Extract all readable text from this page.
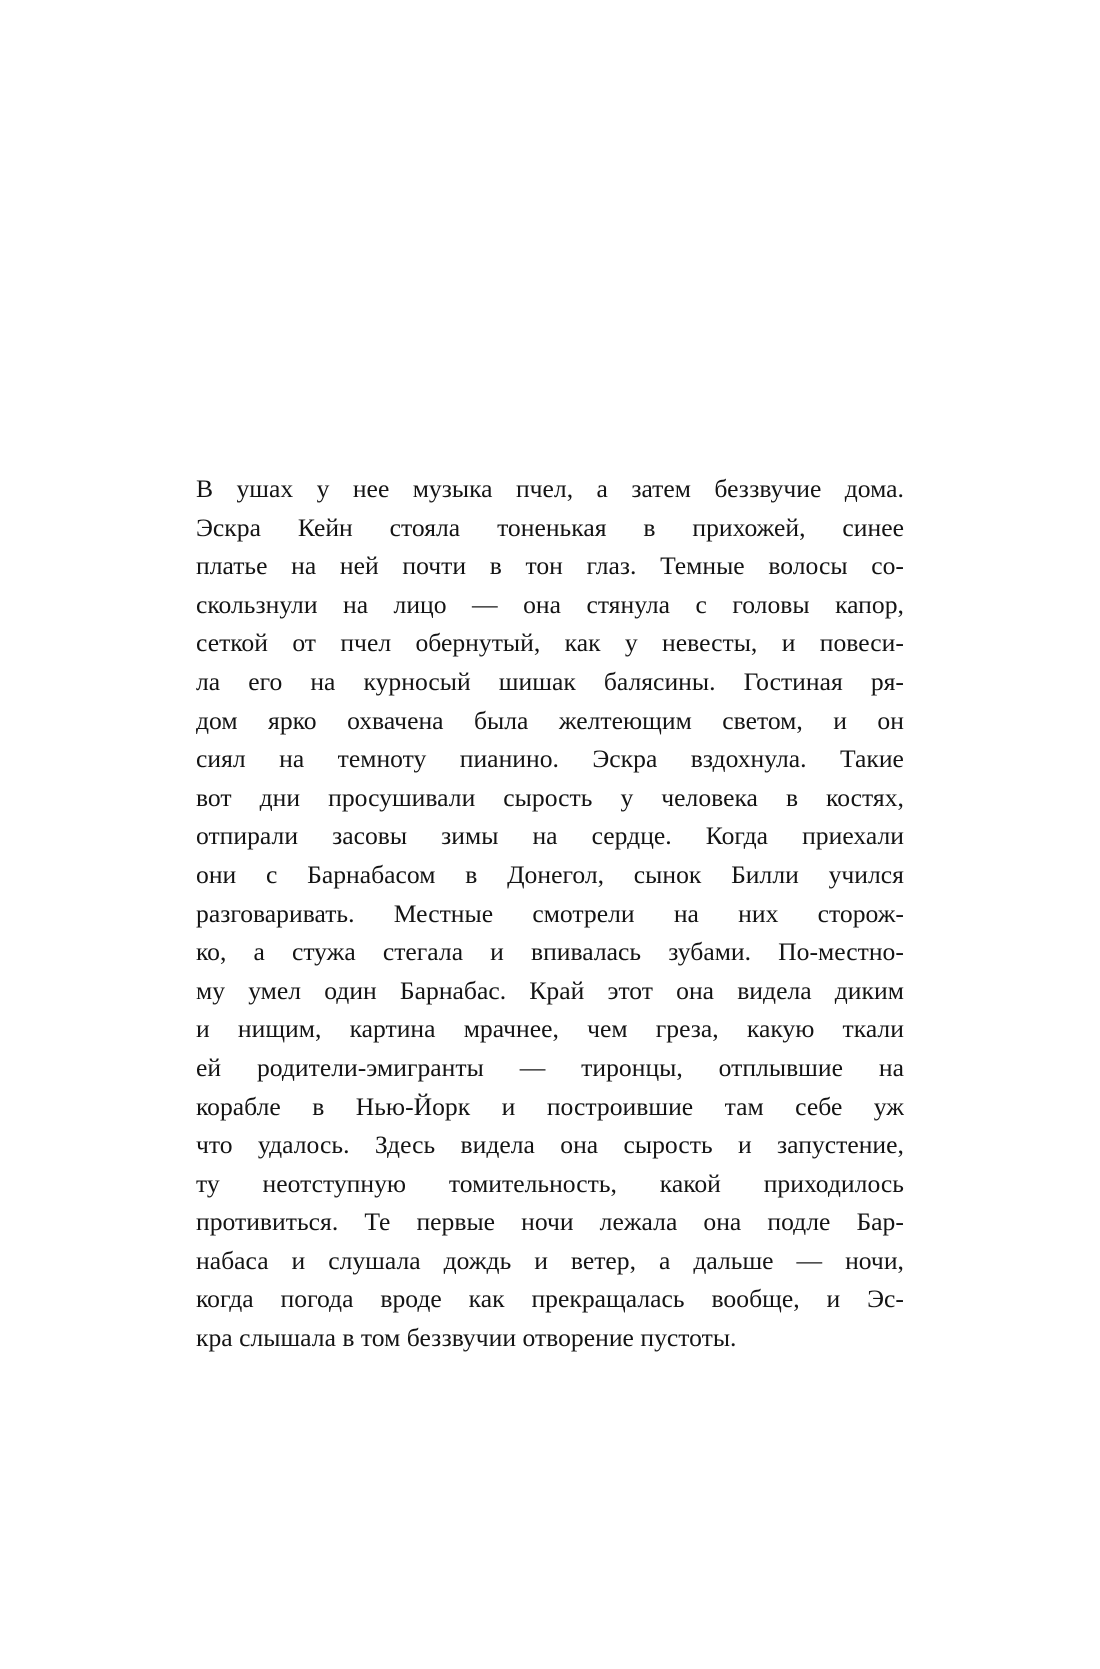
В ушах у нее музыка пчел, а затем беззвучие дома.
Эскра Кейн стояла тоненькая в прихожей, синее
платье на ней почти в тон глаз. Темные волосы со-
скользнули на лицо — она стянула с головы капор,
сеткой от пчел обернутый, как у невесты, и повеси-
ла его на курносый шишак балясины. Гостиная ря-
дом ярко охвачена была желтеющим светом, и он
сиял на темноту пианино. Эскра вздохнула. Такие
вот дни просушивали сырость у человека в костях,
отпирали засовы зимы на сердце. Когда приехали
они с Барнабасом в Донегол, сынок Билли учился
разговаривать. Местные смотрели на них сторож-
ко, а стужа стегала и впивалась зубами. По-местно-
му умел один Барнабас. Край этот она видела диким
и нищим, картина мрачнее, чем греза, какую ткали
ей родители-эмигранты — тиронцы, отплывшие на
корабле в Нью-Йорк и построившие там себе уж
что удалось. Здесь видела она сырость и запустение,
ту неотступную томительность, какой приходилось
противиться. Те первые ночи лежала она подле Бар-
набаса и слушала дождь и ветер, а дальше — ночи,
когда погода вроде как прекращалась вообще, и Эс-
кра слышала в том беззвучии отворение пустоты.
